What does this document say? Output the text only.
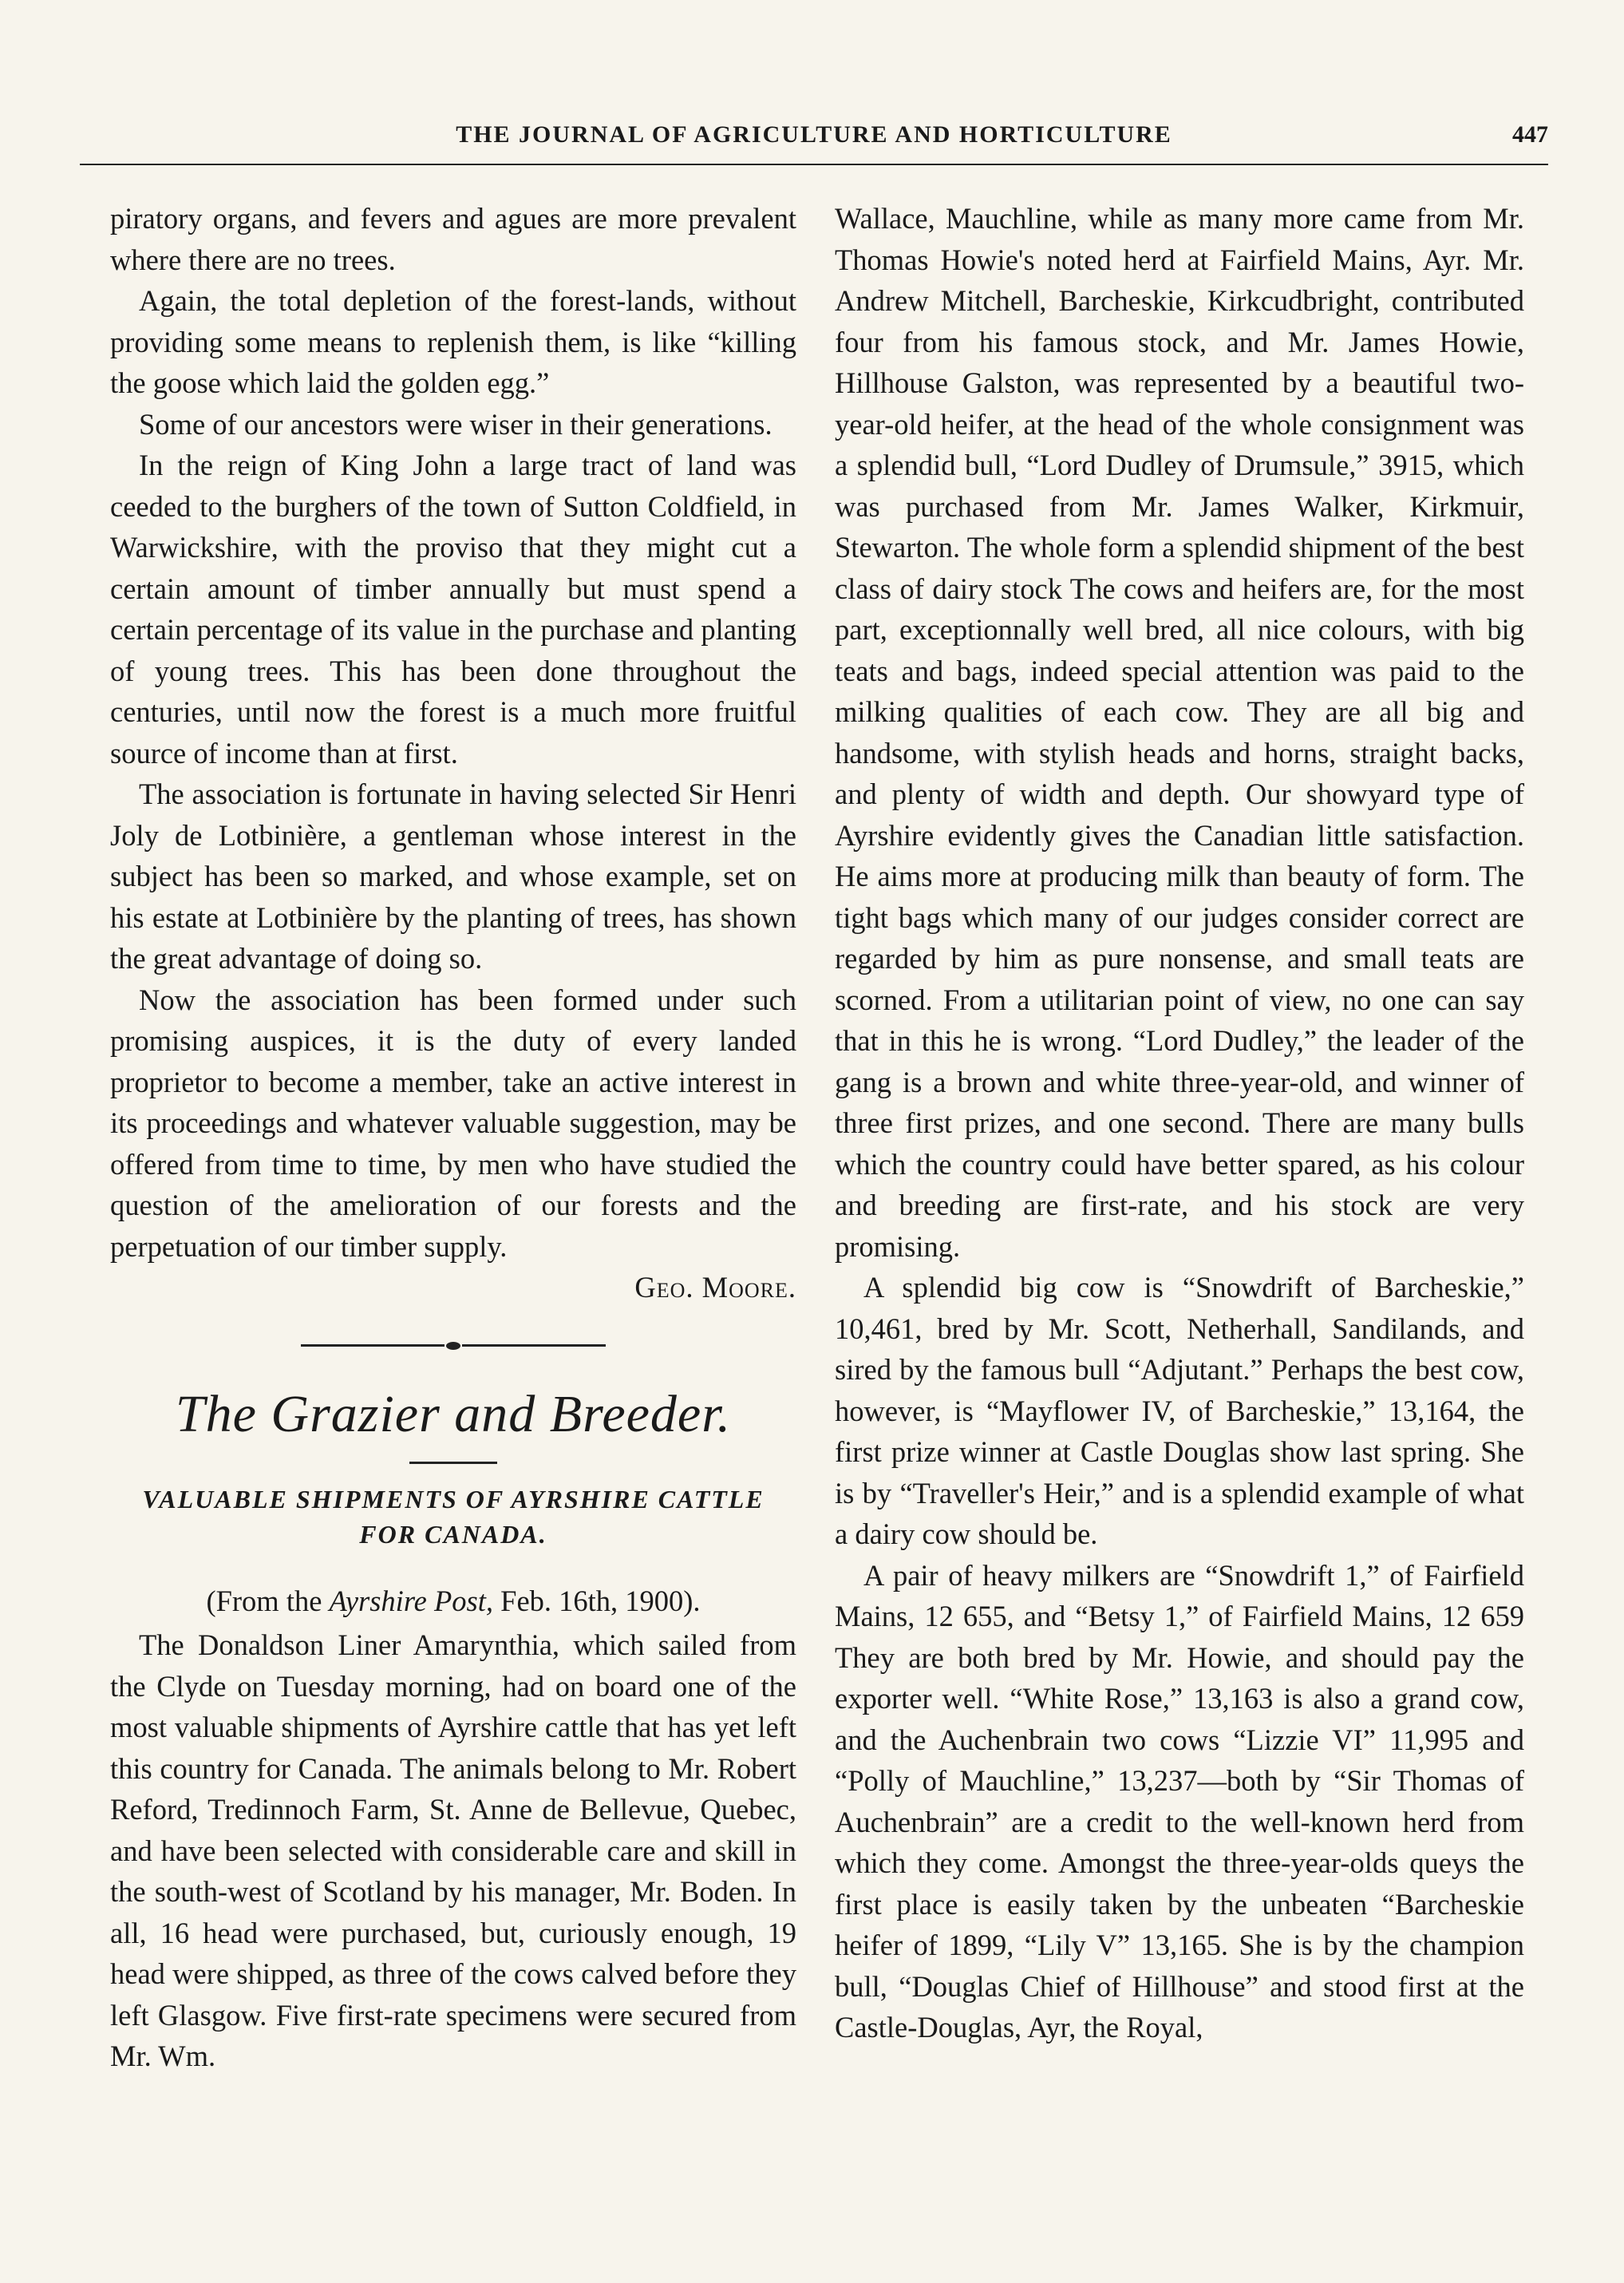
THE JOURNAL OF AGRICULTURE AND HORTICULTURE	447

piratory organs, and fevers and agues are more prevalent where there are no trees.

Again, the total depletion of the forest-lands, without providing some means to replenish them, is like “killing the goose which laid the golden egg.”

Some of our ancestors were wiser in their generations.

In the reign of King John a large tract of land was ceeded to the burghers of the town of Sutton Coldfield, in Warwickshire, with the proviso that they might cut a certain amount of timber annually but must spend a certain percentage of its value in the purchase and planting of young trees. This has been done throughout the centuries, until now the forest is a much more fruitful source of income than at first.

The association is fortunate in having selected Sir Henri Joly de Lotbinière, a gentleman whose interest in the subject has been so marked, and whose example, set on his estate at Lotbinière by the planting of trees, has shown the great advantage of doing so.

Now the association has been formed under such promising auspices, it is the duty of every landed proprietor to become a member, take an active interest in its proceedings and whatever valuable suggestion, may be offered from time to time, by men who have studied the question of the amelioration of our forests and the perpetuation of our timber supply.

Geo. Moore.

The Grazier and Breeder.
VALUABLE SHIPMENTS OF AYRSHIRE CATTLE FOR CANADA.

(From the Ayrshire Post, Feb. 16th, 1900).

The Donaldson Liner Amarynthia, which sailed from the Clyde on Tuesday morning, had on board one of the most valuable shipments of Ayrshire cattle that has yet left this country for Canada. The animals belong to Mr. Robert Reford, Tredinnoch Farm, St. Anne de Bellevue, Quebec, and have been selected with considerable care and skill in the south-west of Scotland by his manager, Mr. Boden. In all, 16 head were purchased, but, curiously enough, 19 head were shipped, as three of the cows calved before they left Glasgow. Five first-rate specimens were secured from Mr. Wm.

Wallace, Mauchline, while as many more came from Mr. Thomas Howie's noted herd at Fairfield Mains, Ayr. Mr. Andrew Mitchell, Barcheskie, Kirkcudbright, contributed four from his famous stock, and Mr. James Howie, Hillhouse Galston, was represented by a beautiful two-year-old heifer, at the head of the whole consignment was a splendid bull, “Lord Dudley of Drumsule,” 3915, which was purchased from Mr. James Walker, Kirkmuir, Stewarton. The whole form a splendid shipment of the best class of dairy stock The cows and heifers are, for the most part, exceptionnally well bred, all nice colours, with big teats and bags, indeed special attention was paid to the milking qualities of each cow. They are all big and handsome, with stylish heads and horns, straight backs, and plenty of width and depth. Our showyard type of Ayrshire evidently gives the Canadian little satisfaction. He aims more at producing milk than beauty of form. The tight bags which many of our judges consider correct are regarded by him as pure nonsense, and small teats are scorned. From a utilitarian point of view, no one can say that in this he is wrong. “Lord Dudley,” the leader of the gang is a brown and white three-year-old, and winner of three first prizes, and one second. There are many bulls which the country could have better spared, as his colour and breeding are first-rate, and his stock are very promising.

A splendid big cow is “Snowdrift of Barcheskie,” 10,461, bred by Mr. Scott, Netherhall, Sandilands, and sired by the famous bull “Adjutant.” Perhaps the best cow, however, is “Mayflower IV, of Barcheskie,” 13,164, the first prize winner at Castle Douglas show last spring. She is by “Traveller's Heir,” and is a splendid example of what a dairy cow should be.

A pair of heavy milkers are “Snowdrift 1,” of Fairfield Mains, 12 655, and “Betsy 1,” of Fairfield Mains, 12 659 They are both bred by Mr. Howie, and should pay the exporter well. “White Rose,” 13,163 is also a grand cow, and the Auchenbrain two cows “Lizzie VI” 11,995 and “Polly of Mauchline,” 13,237—both by “Sir Thomas of Auchenbrain” are a credit to the well-known herd from which they come. Amongst the three-year-olds queys the first place is easily taken by the unbeaten “Barcheskie heifer of 1899, “Lily V” 13,165. She is by the champion bull, “Douglas Chief of Hillhouse” and stood first at the Castle-Douglas, Ayr, the Royal,
